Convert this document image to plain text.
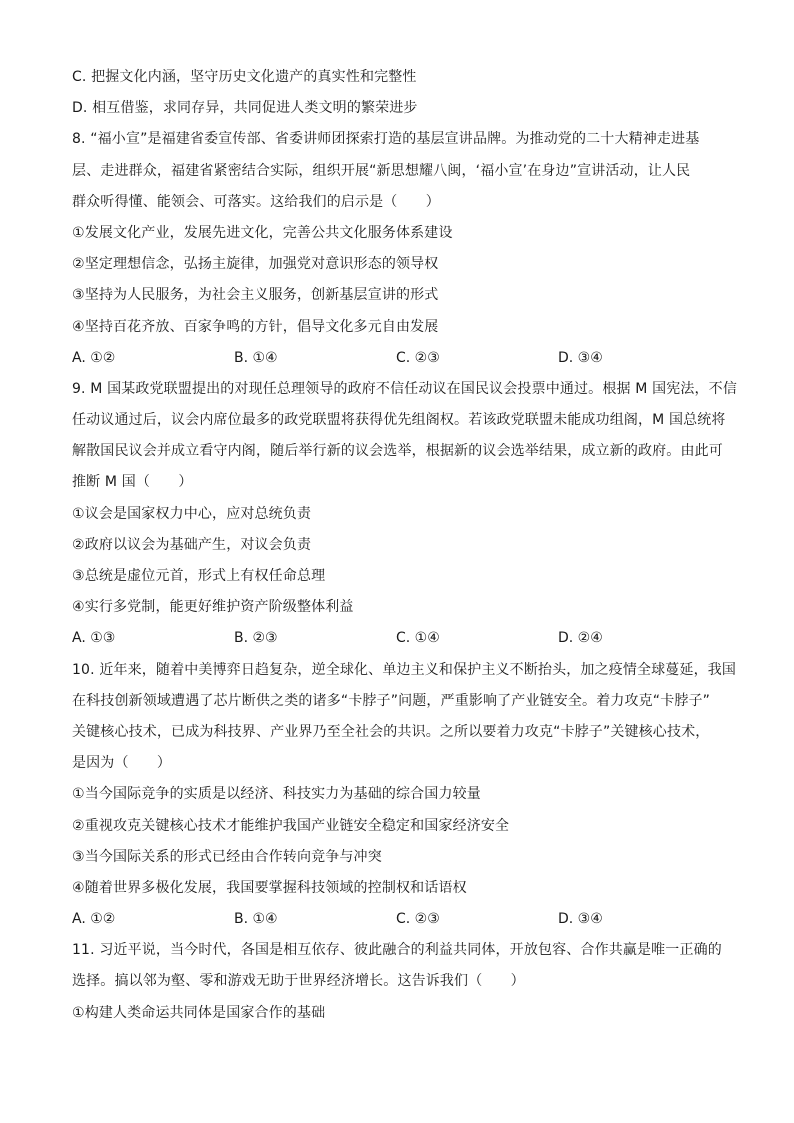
C. 把握文化内涵，坚守历史文化遗产的真实性和完整性
D. 相互借鉴，求同存异，共同促进人类文明的繁荣进步
8. “福小宣”是福建省委宣传部、省委讲师团探索打造的基层宣讲品牌。为推动党的二十大精神走进基
层、走进群众，福建省紧密结合实际，组织开展“新思想耀八闽，‘福小宣’在身边”宣讲活动，让人民
群众听得懂、能领会、可落实。这给我们的启示是（　　）
①发展文化产业，发展先进文化，完善公共文化服务体系建设
②坚定理想信念，弘扬主旋律，加强党对意识形态的领导权
③坚持为人民服务，为社会主义服务，创新基层宣讲的形式
④坚持百花齐放、百家争鸣的方针，倡导文化多元自由发展
A. ①②	B. ①④	C. ②③	D. ③④
9. M 国某政党联盟提出的对现任总理领导的政府不信任动议在国民议会投票中通过。根据 M 国宪法，不信
任动议通过后，议会内席位最多的政党联盟将获得优先组阁权。若该政党联盟未能成功组阁，M 国总统将
解散国民议会并成立看守内阁，随后举行新的议会选举，根据新的议会选举结果，成立新的政府。由此可
推断 M 国（　　）
①议会是国家权力中心，应对总统负责
②政府以议会为基础产生，对议会负责
③总统是虚位元首，形式上有权任命总理
④实行多党制，能更好维护资产阶级整体利益
A. ①③	B. ②③	C. ①④	D. ②④
10. 近年来，随着中美博弈日趋复杂，逆全球化、单边主义和保护主义不断抬头，加之疫情全球蔓延，我国
在科技创新领域遭遇了芯片断供之类的诸多“卡脖子”问题，严重影响了产业链安全。着力攻克“卡脖子”
关键核心技术，已成为科技界、产业界乃至全社会的共识。之所以要着力攻克“卡脖子”关键核心技术，
是因为（　　）
①当今国际竞争的实质是以经济、科技实力为基础的综合国力较量
②重视攻克关键核心技术才能维护我国产业链安全稳定和国家经济安全
③当今国际关系的形式已经由合作转向竞争与冲突
④随着世界多极化发展，我国要掌握科技领域的控制权和话语权
A. ①②	B. ①④	C. ②③	D. ③④
11. 习近平说，当今时代，各国是相互依存、彼此融合的利益共同体，开放包容、合作共赢是唯一正确的
选择。搞以邻为壑、零和游戏无助于世界经济增长。这告诉我们（　　）
①构建人类命运共同体是国家合作的基础
